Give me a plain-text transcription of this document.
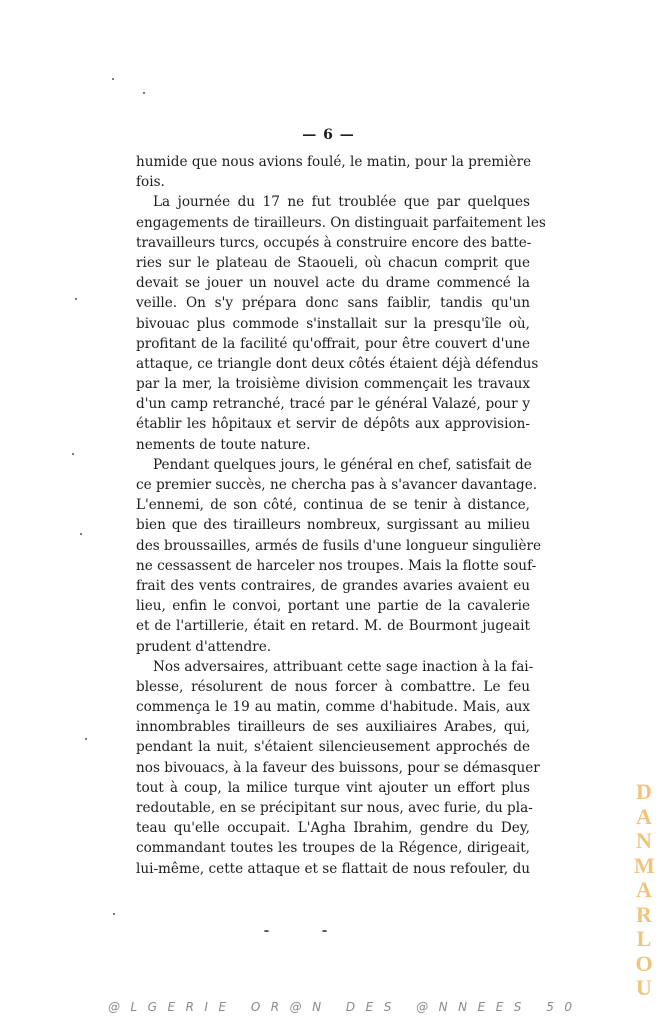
— 6 —
humide que nous avions foulé, le matin, pour la première
fois.
La journée du 17 ne fut troublée que par quelques
engagements de tirailleurs. On distinguait parfaitement les
travailleurs turcs, occupés à construire encore des batte-
ries sur le plateau de Staoueli, où chacun comprit que
devait se jouer un nouvel acte du drame commencé la
veille. On s'y prépara donc sans faiblir, tandis qu'un
bivouac plus commode s'installait sur la presqu'île où,
profitant de la facilité qu'offrait, pour être couvert d'une
attaque, ce triangle dont deux côtés étaient déjà défendus
par la mer, la troisième division commençait les travaux
d'un camp retranché, tracé par le général Valazé, pour y
établir les hôpitaux et servir de dépôts aux approvision-
nements de toute nature.
Pendant quelques jours, le général en chef, satisfait de
ce premier succès, ne chercha pas à s'avancer davantage.
L'ennemi, de son côté, continua de se tenir à distance,
bien que des tirailleurs nombreux, surgissant au milieu
des broussailles, armés de fusils d'une longueur singulière
ne cessassent de harceler nos troupes. Mais la flotte souf-
frait des vents contraires, de grandes avaries avaient eu
lieu, enfin le convoi, portant une partie de la cavalerie
et de l'artillerie, était en retard. M. de Bourmont jugeait
prudent d'attendre.
Nos adversaires, attribuant cette sage inaction à la fai-
blesse, résolurent de nous forcer à combattre. Le feu
commença le 19 au matin, comme d'habitude. Mais, aux
innombrables tirailleurs de ses auxiliaires Arabes, qui,
pendant la nuit, s'étaient silencieusement approchés de
nos bivouacs, à la faveur des buissons, pour se démasquer
tout à coup, la milice turque vint ajouter un effort plus
redoutable, en se précipitant sur nous, avec furie, du pla-
teau qu'elle occupait. L'Agha Ibrahim, gendre du Dey,
commandant toutes les troupes de la Régence, dirigeait,
lui-même, cette attaque et se flattait de nous refouler, du
@LGERIE OR@N DES @NNEES 50
DANMARLOU
